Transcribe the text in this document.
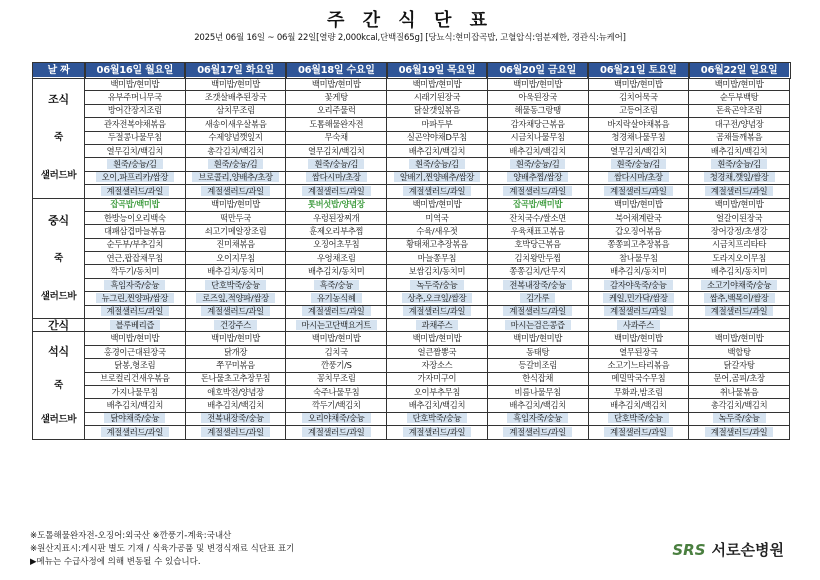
주 간 식 단 표
2025년 06월 16일 ~ 06월 22일[열량 2,000kcal,단백질65g] [당뇨식:현미잡곡밥, 고혈압식:염분제한, 경관식:뉴케어]
날 짜	06월16일 월요일	06월17일 화요일	06월18일 수요일	06월19일 목요일	06월20일 금요일	06월21일 토요일	06월22일 일요일

조식
죽
샐러드바	백미밥/현미밥	백미밥/현미밥	백미밥/현미밥	백미밥/현미밥	백미밥/현미밥	백미밥/현미밥	백미밥/현미밥
	유부주머니무국	조갯살배추된장국	꽃게탕	시래기된장국	아욱된장국	김치어묵국	순두부백탕
	방어간장지조림	삼치무조림	오리주물럭	닭살갯잎볶음	해물동그랑땡	고등어조림	돈육곤약조림
	관자전복야채볶음	새송이새우살볶음	도톰해물완자전	마파두부	감자채당근볶음	바지락살야채볶음	대구전/양념장
	두절콩나물무침	수제양념깻잎지	무숙채	실곤약야채D무침	시금치나물무침	청경채나물무침	곰채들깨볶음
	열무김치/백김치	총각김치/백김치	열무김치/백김치	배추김치/백김치	배추김치/백김치	열무김치/백김치	배추김치/백김치
	흰죽/숭늉/김	흰죽/숭늉/김	흰죽/숭늉/김	흰죽/숭늉/김	흰죽/숭늉/김	흰죽/숭늉/김	흰죽/숭늉/김
	오이,파프리카/쌈장	브로콜리,양배추/초장	쌈다시마/초장	알배기,찐양배추/쌈장	양배추찜/쌈장	쌈다시마/초장	청경채,깻잎/쌈장
	계절샐러드/과일	계절샐러드/과일	계절샐러드/과일	계절샐러드/과일	계절샐러드/과일	계절샐러드/과일	계절샐러드/과일

중식
죽
샐러드바	잡곡밥/백미밥	백미밥/현미밥	톳버섯밥/양념장	백미밥/현미밥	잡곡밥/백미밥	백미밥/현미밥	백미밥/현미밥
	한방능이오리백숙	떡만두국	우렁된장찌개	미역국	잔치국수/쌀소면	북어채계란국	얼갈이된장국
	대패삼겹마늘볶음	쇠고기메알장조림	훈제오리부추찜	수육/새우젓	우육채표고볶음	갑오징어볶음	장어강정/초생강
	순두부/부추김치	진미채볶음	오징어초무침	황태채고추장볶음	호박당근볶음	쫑쫑피고추장볶음	시금치프리타타
	연근,팝잡채무침	오이지무침	우엉채조림	마늘쫑무침	김치왕만두찜	참나물무침	도라지오이무침
	깍두기/동치미	배추김치/동치미	배추김치/동치미	보쌈김치/동치미	쫑쫑김치/단무지	배추김치/동치미	배추김치/동치미
	흑임자죽/숭늉	단호박죽/숭늉	흑죽/숭늉	녹두죽/숭늉	전복내장죽/숭늉	감자야욱죽/숭늉	소고기야채죽/숭늉
	뉴그린,찐양파/쌈장	로즈잎,적양파/쌈장	유기농식혜	상추,오크잎/쌈장	김가루	케일,민가닥/쌈장	쌈추,백목이/쌈장
	계절샐러드/과일	계절샐러드/과일	계절샐러드/과일	계절샐러드/과일	계절샐러드/과일	계절샐러드/과일	계절샐러드/과일
간식	블루베리즙	건강주스	마시는고단백요거트	과채주스	마시는검은콩즙	사과주스	

석식
죽
샐러드바	백미밥/현미밥	백미밥/현미밥	백미밥/현미밥	백미밥/현미밥	백미밥/현미밥	백미밥/현미밥	백미밥/현미밥
	홍경이근대된장국	닭개장	김치국	얼큰짬뽕국	동태탕	열무된장국	백합탕
	닭봉,형조림	쭈꾸미볶음	깐풍기/S	자장소스	등갈비조림	소고기느타리볶음	닭갈자탕
	브로컬리건새우볶음	돈나물초고추장무침	꽁치무조림	가자미구이	한식잡채	메밀막국수무침	문어,곰피/초장
	가지나물무침	애호박전/양념장	숙주나물무침	오이부추무침	비름나물무침	무화과,밤조림	취나물볶음
	배추김치/백김치	배추김치/백김치	깍두기/백김치	배추김치/백김치	배추김치/백김치	배추김치/백김치	총각김치/백김치
	닭야채죽/숭늉	전복내장죽/숭늉	오리야채죽/숭늉	단호박죽/숭늉	흑임자죽/숭늉	단호박죽/숭늉	녹두죽/숭늉
	계절샐러드/과일	계절샐러드/과일	계절샐러드/과일	계절샐러드/과일	계절샐러드/과일	계절샐러드/과일	계절샐러드/과일
※도톨해물완자전-오징어:외국산 ※깐풍기-계육:국내산
※원산지표시:게시판 별도 기재 / 식육가공품 및 변경식재료 식단표 표기
▶메뉴는 수급사정에 의해 변동될 수 있습니다.
SRS 서로손병원
